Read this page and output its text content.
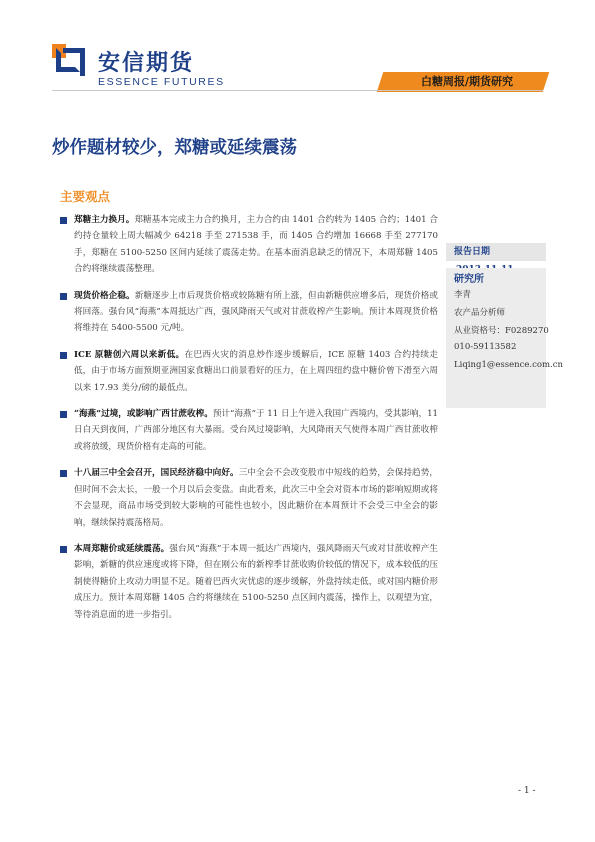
安信期货
ESSENCE FUTURES	白糖周报/期货研究
炒作题材较少，郑糖或延续震荡
主要观点
郑糖主力换月。郑糖基本完成主力合约换月，主力合约由 1401 合约转为 1405 合约；1401 合约持仓量较上周大幅减少 64218 手至 271538 手，而 1405 合约增加 16668 手至 277170 手，郑糖在 5100-5250 区间内延续了震荡走势。在基本面消息缺乏的情况下，本周郑糖 1405 合约将继续震荡整理。
现货价格企稳。新糖逐步上市后现货价格或较陈糖有所上涨，但由新糖供应增多后，现货价格或将回落。强台风“海燕”本周抵达广西，强风降雨天气或对甘蔗收榨产生影响。预计本周现货价格将维持在 5400-5500 元/吨。
ICE 原糖创六周以来新低。在巴西火灾的消息炒作逐步缓解后，ICE 原糖 1403 合约持续走低，由于市场方面预期亚洲国家食糖出口前景看好的压力，在上周四纽约盘中糖价曾下滑至六周以来 17.93 美分/磅的最低点。
“海燕”过境，或影响广西甘蔗收榨。预计“海燕”于 11 日上午进入我国广西境内，受其影响，11 日白天到夜间，广西部分地区有大暴雨。受台风过境影响，大风降雨天气使得本周广西甘蔗收榨或将放缓，现货价格有走高的可能。
十八届三中全会召开，国民经济稳中向好。三中全会不会改变股市中短线的趋势，会保持趋势，但时间不会太长，一般一个月以后会变盘。由此看来，此次三中全会对资本市场的影响短期或将不会显现，商品市场受到较大影响的可能性也较小，因此糖价在本周预计不会受三中全会的影响，继续保持震荡格局。
本周郑糖价或延续震荡。强台风“海燕”于本周一抵达广西境内，强风降雨天气或对甘蔗收榨产生影响，新糖的供应速度或将下降，但在刚公布的新榨季甘蔗收购价较低的情况下，成本较低的压制使得糖价上攻动力明显不足。随着巴西火灾忧虑的逐步缓解，外盘持续走低，或对国内糖价形成压力。预计本周郑糖 1405 合约将继续在 5100-5250 点区间内震荡，操作上，以观望为宜，等待消息面的进一步指引。
报告日期
研究所
李青
农产品分析师
从业资格号：F0289270
010-59113582
Liqing1@essence.com.cn
- 1 -
